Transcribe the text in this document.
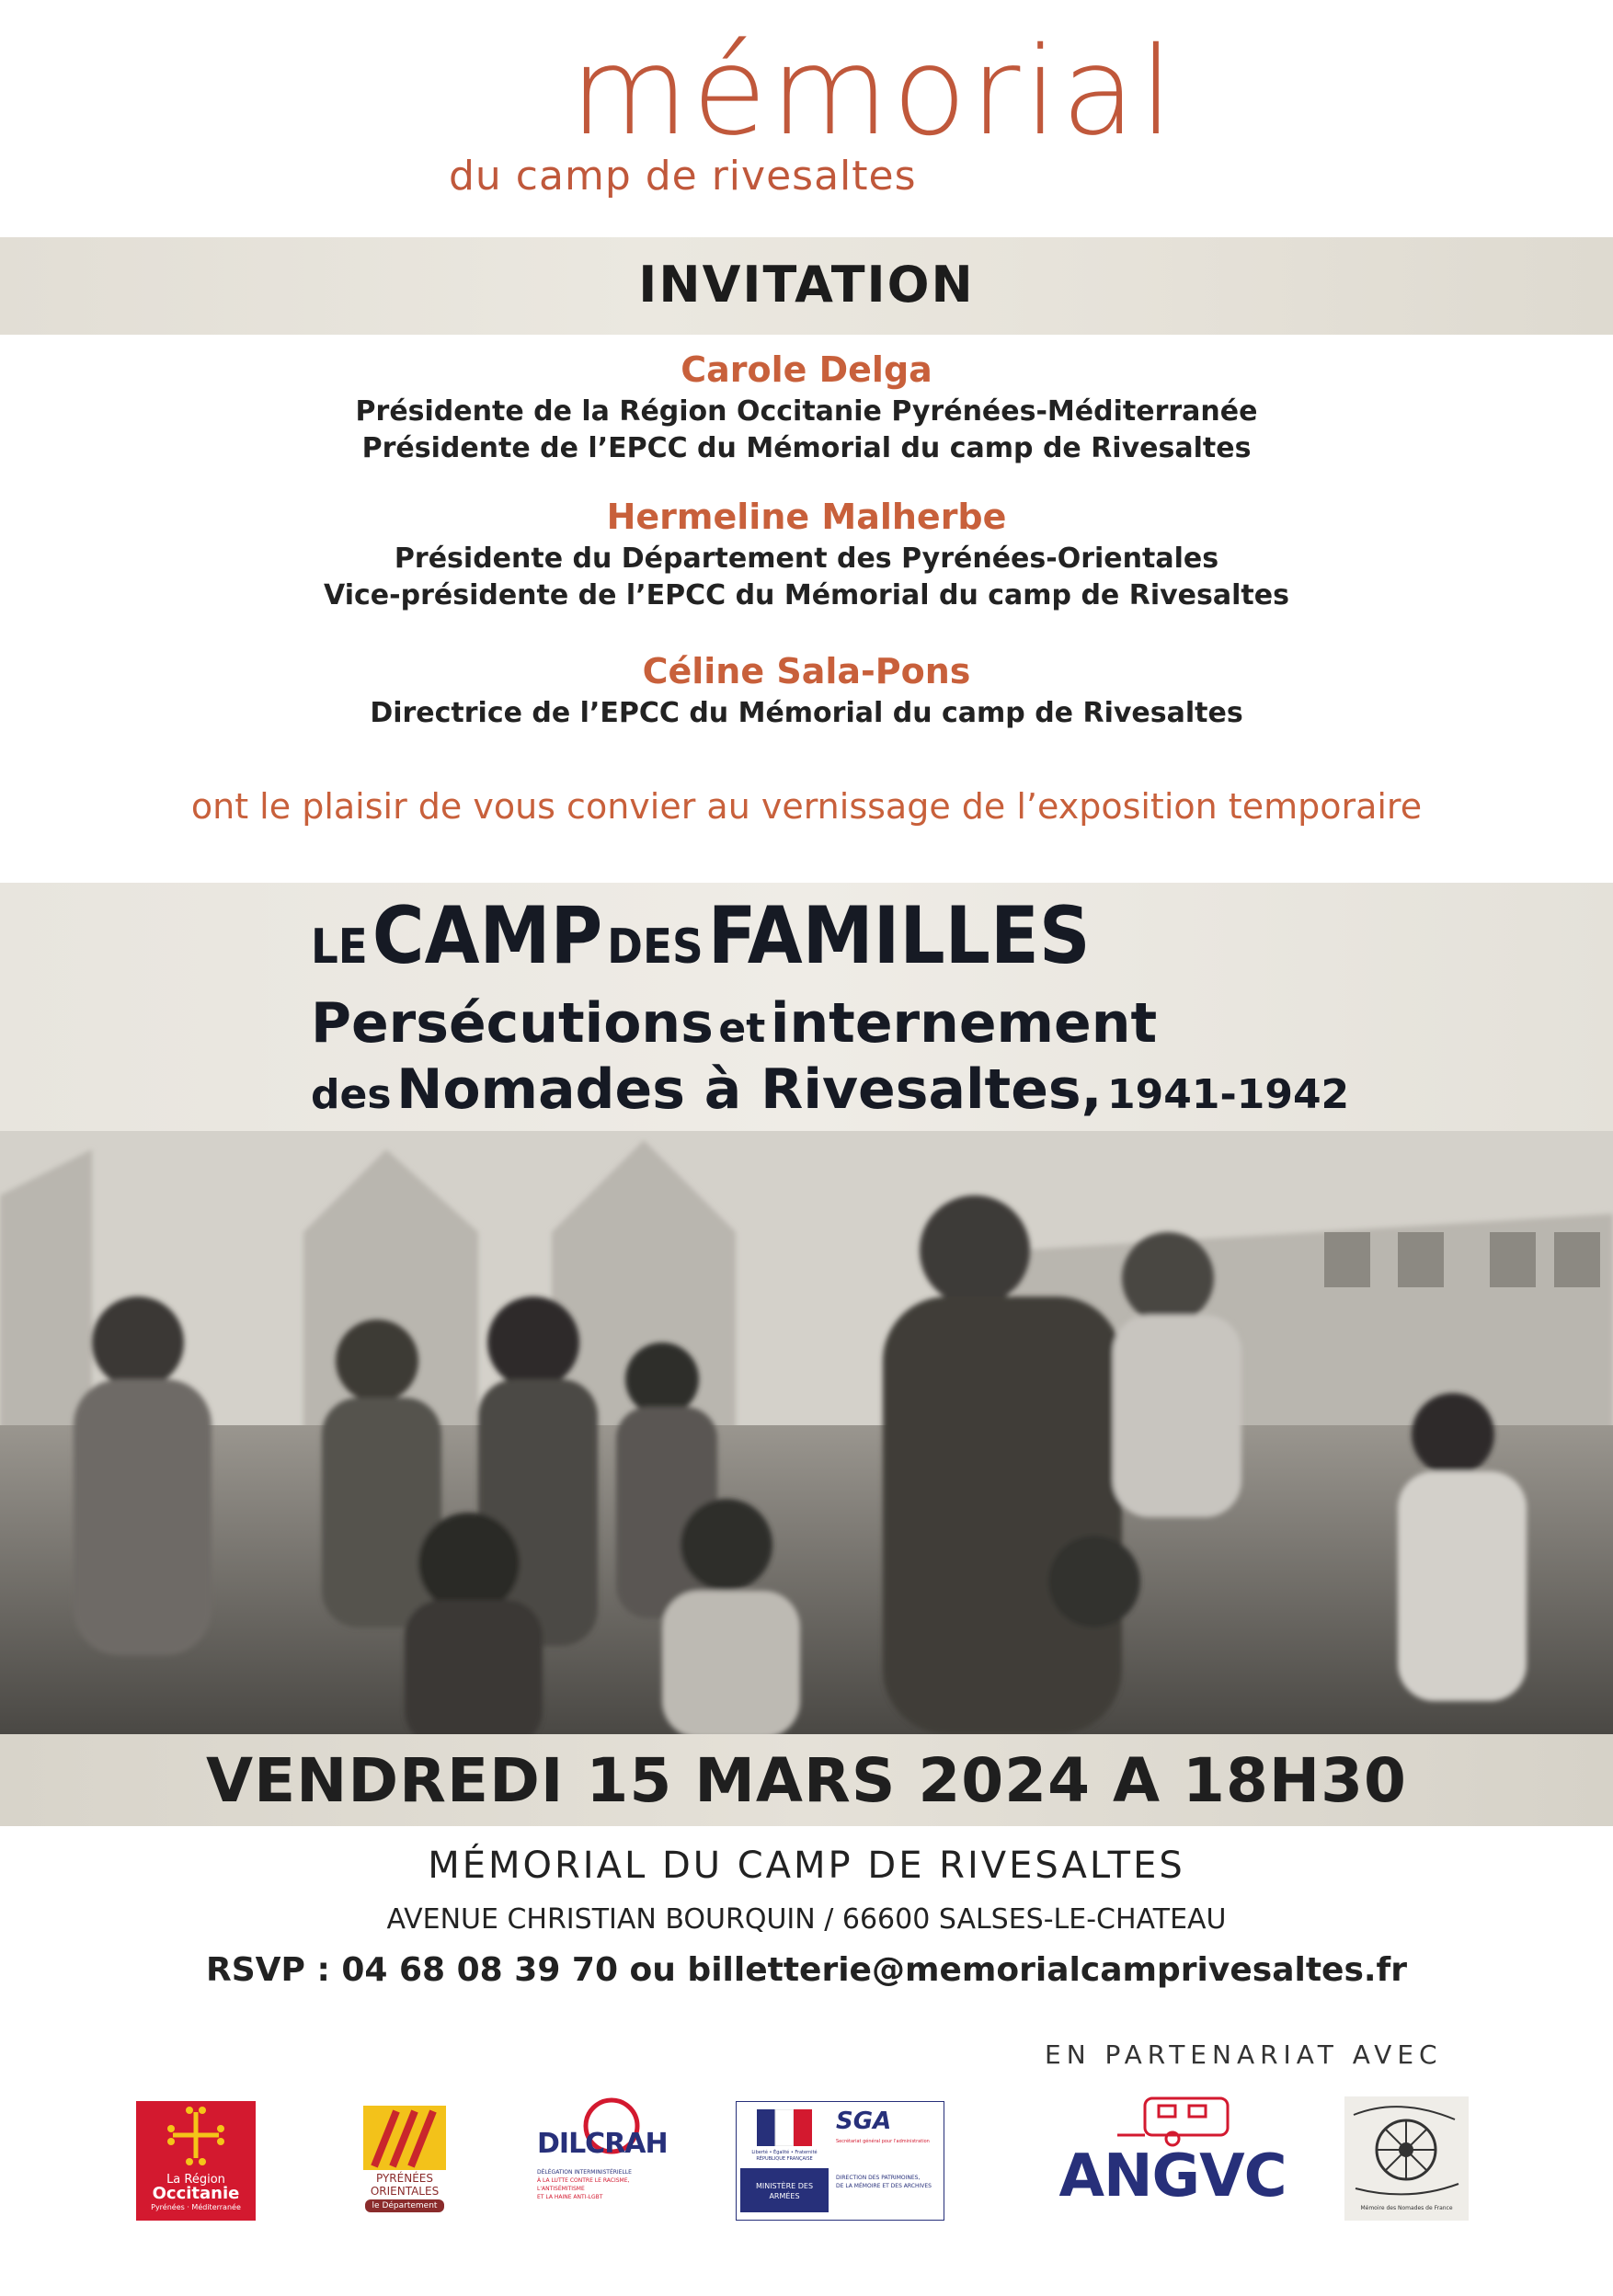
mémorial
du camp de rivesaltes
INVITATION
Carole Delga
Présidente de la Région Occitanie Pyrénées-Méditerranée
Présidente de l’EPCC du Mémorial du camp de Rivesaltes
Hermeline Malherbe
Présidente du Département des Pyrénées-Orientales
Vice-présidente de l’EPCC du Mémorial du camp de Rivesaltes
Céline Sala-Pons
Directrice de l’EPCC du Mémorial du camp de Rivesaltes
ont le plaisir de vous convier au vernissage de l’exposition temporaire
LE CAMP DES FAMILLES
Persécutions et internement
des Nomades à Rivesaltes, 1941-1942
VENDREDI 15 MARS 2024 A 18H30
MÉMORIAL DU CAMP DE RIVESALTES
AVENUE CHRISTIAN BOURQUIN / 66600 SALSES-LE-CHATEAU
RSVP : 04 68 08 39 70 ou billetterie@memorialcamprivesaltes.fr
EN PARTENARIAT AVEC
La Région
Occitanie
Pyrénées · Méditerranée
PYRÉNÉES
ORIENTALES
le Département
DILCRAH
DÉLÉGATION INTERMINISTÉRIELLE
À LA LUTTE CONTRE LE RACISME, L'ANTISÉMITISME
ET LA HAINE ANTI-LGBT
Liberté • Égalité • Fraternité
RÉPUBLIQUE FRANÇAISE
MINISTÈRE DES ARMÉES
SGA
Secrétariat général pour l'administration
DIRECTION DES PATRIMOINES,
DE LA MÉMOIRE ET DES ARCHIVES ANGVC	Mémoire des Nomades de France
